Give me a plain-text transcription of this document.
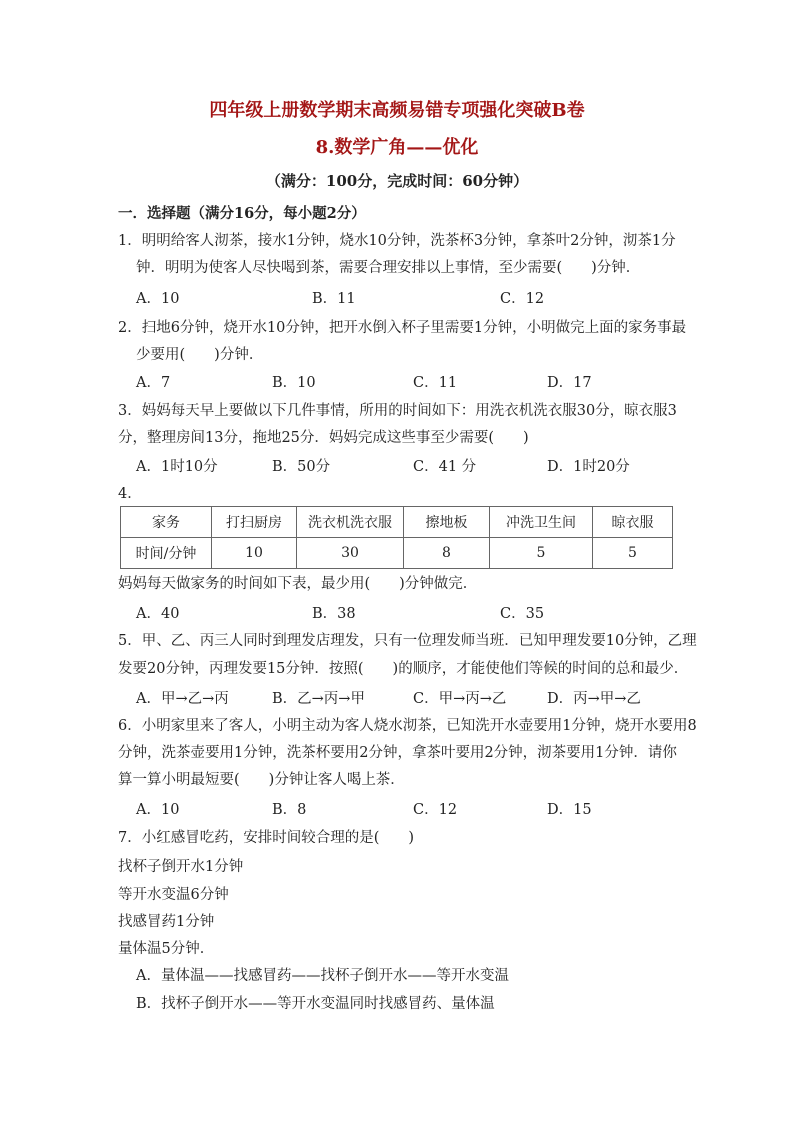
四年级上册数学期末高频易错专项强化突破B卷
8.数学广角——优化
（满分：100分，完成时间：60分钟）
一．选择题（满分16分，每小题2分）
1．明明给客人沏茶，接水1分钟，烧水10分钟，洗茶杯3分钟，拿茶叶2分钟，沏茶1分
钟．明明为使客人尽快喝到茶，需要合理安排以上事情，至少需要(　　)分钟．
A．10	B．11	C．12
2．扫地6分钟，烧开水10分钟，把开水倒入杯子里需要1分钟，小明做完上面的家务事最
少要用(　　)分钟．
A．7	B．10	C．11	D．17
3．妈妈每天早上要做以下几件事情，所用的时间如下：用洗衣机洗衣服30分，晾衣服3
分，整理房间13分，拖地25分．妈妈完成这些事至少需要(　　)
A．1时10分	B．50分	C．41 分	D．1时20分
4．
家务	打扫厨房	洗衣机洗衣服	擦地板	冲洗卫生间	晾衣服
时间/分钟	10	30	8	5	5
妈妈每天做家务的时间如下表，最少用(　　)分钟做完．
A．40	B．38	C．35
5．甲、乙、丙三人同时到理发店理发，只有一位理发师当班．已知甲理发要10分钟，乙理
发要20分钟，丙理发要15分钟．按照(　　)的顺序，才能使他们等候的时间的总和最少．
A．甲→乙→丙	B．乙→丙→甲	C．甲→丙→乙	D．丙→甲→乙
6．小明家里来了客人，小明主动为客人烧水沏茶，已知洗开水壶要用1分钟，烧开水要用8
分钟，洗茶壶要用1分钟，洗茶杯要用2分钟，拿茶叶要用2分钟，沏茶要用1分钟．请你
算一算小明最短要(　　)分钟让客人喝上茶．
A．10	B．8	C．12	D．15
7．小红感冒吃药，安排时间较合理的是(　　)
找杯子倒开水1分钟
等开水变温6分钟
找感冒药1分钟
量体温5分钟．
A．量体温——找感冒药——找杯子倒开水——等开水变温
B．找杯子倒开水——等开水变温同时找感冒药、量体温
